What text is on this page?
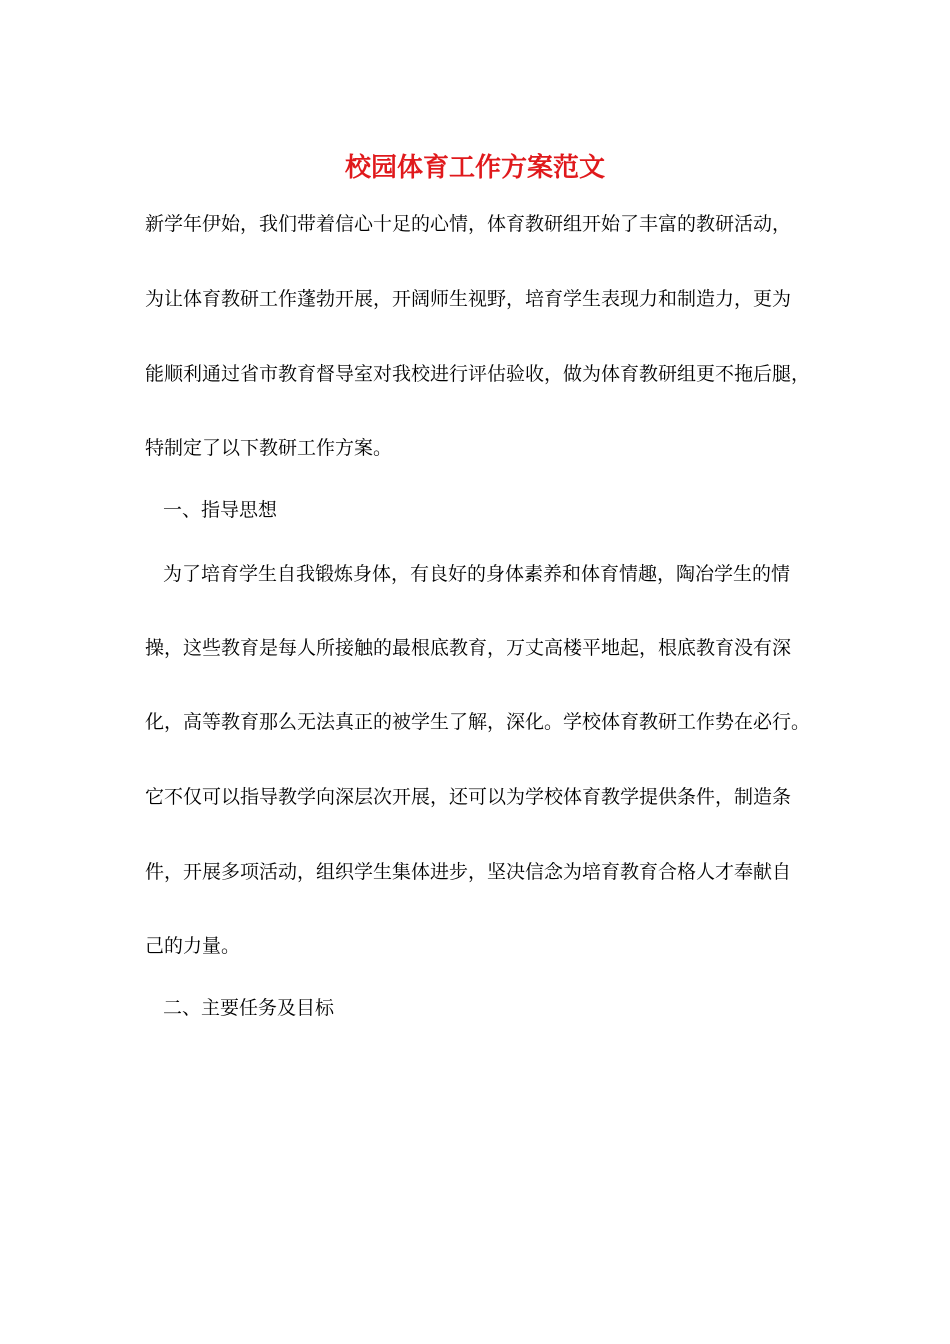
校园体育工作方案范文

新学年伊始，我们带着信心十足的心情，体育教研组开始了丰富的教研活动，

为让体育教研工作蓬勃开展，开阔师生视野，培育学生表现力和制造力，更为

能顺利通过省市教育督导室对我校进行评估验收，做为体育教研组更不拖后腿，

特制定了以下教研工作方案。

一、指导思想

为了培育学生自我锻炼身体，有良好的身体素养和体育情趣，陶冶学生的情

操，这些教育是每人所接触的最根底教育，万丈高楼平地起，根底教育没有深

化，高等教育那么无法真正的被学生了解，深化。学校体育教研工作势在必行。

它不仅可以指导教学向深层次开展，还可以为学校体育教学提供条件，制造条

件，开展多项活动，组织学生集体进步，坚决信念为培育教育合格人才奉献自

己的力量。

二、主要任务及目标
